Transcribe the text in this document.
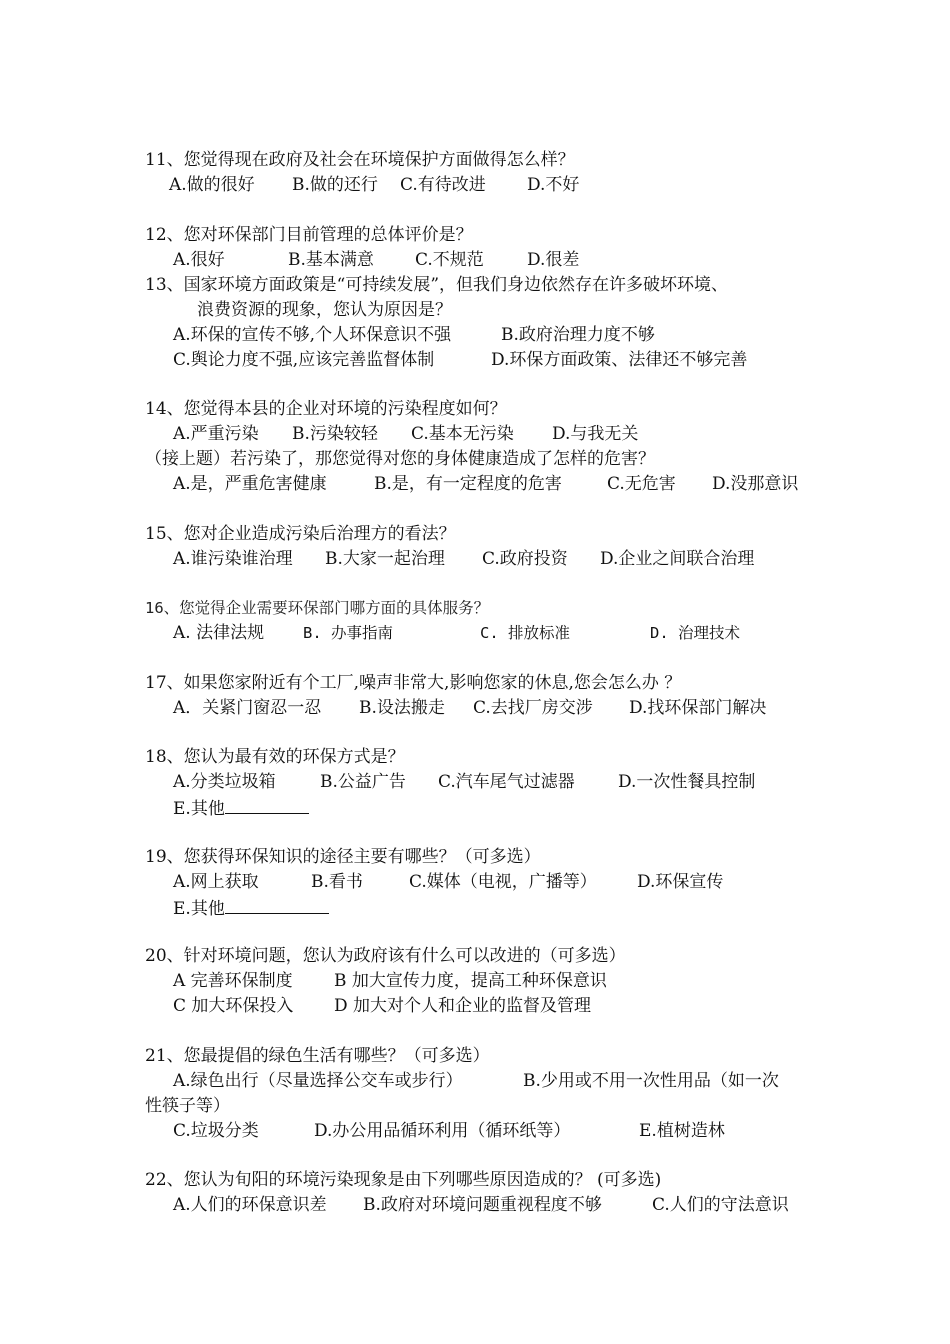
11、您觉得现在政府及社会在环境保护方面做得怎么样？
A.做的很好 B.做的还行 C.有待改进 D.不好
12、您对环保部门目前管理的总体评价是？
A.很好	B.基本满意 C.不规范	D.很差
13、国家环境方面政策是“可持续发展”，但我们身边依然存在许多破坏环境、
浪费资源的现象，您认为原因是？
A.环保的宣传不够,个人环保意识不强	B.政府治理力度不够
C.舆论力度不强,应该完善监督体制	D.环保方面政策、法律还不够完善
14、您觉得本县的企业对环境的污染程度如何？
A.严重污染 B.污染较轻 C.基本无污染 D.与我无关
（接上题）若污染了，那您觉得对您的身体健康造成了怎样的危害？
A.是，严重危害健康	B.是，有一定程度的危害	C.无危害 D.没那意识
15、您对企业造成污染后治理方的看法？
A.谁污染谁治理 B.大家一起治理 C.政府投资 D.企业之间联合治理
16、您觉得企业需要环保部门哪方面的具体服务？
A. 法律法规	B. 办事指南	C. 排放标准	D. 治理技术
17、如果您家附近有个工厂,噪声非常大,影响您家的休息,您会怎么办 ？
A．关紧门窗忍一忍 B.设法搬走 C.去找厂房交涉 D.找环保部门解决
18、您认为最有效的环保方式是？
A.分类垃圾箱	B.公益广告 C.汽车尾气过滤器	D.一次性餐具控制
E.其他
19、您获得环保知识的途径主要有哪些？（可多选）
A.网上获取	B.看书	C.媒体（电视，广播等） D.环保宣传
E.其他
20、针对环境问题，您认为政府该有什么可以改进的（可多选）
A 完善环保制度 B 加大宣传力度，提高工种环保意识
C 加大环保投入 D 加大对个人和企业的监督及管理
21、您最提倡的绿色生活有哪些？（可多选）
A.绿色出行（尽量选择公交车或步行）	B.少用或不用一次性用品（如一次
性筷子等）
C.垃圾分类	D.办公用品循环利用（循环纸等）	E.植树造林
22、您认为旬阳的环境污染现象是由下列哪些原因造成的？ (可多选)
A.人们的环保意识差 B.政府对环境问题重视程度不够	C.人们的守法意识
